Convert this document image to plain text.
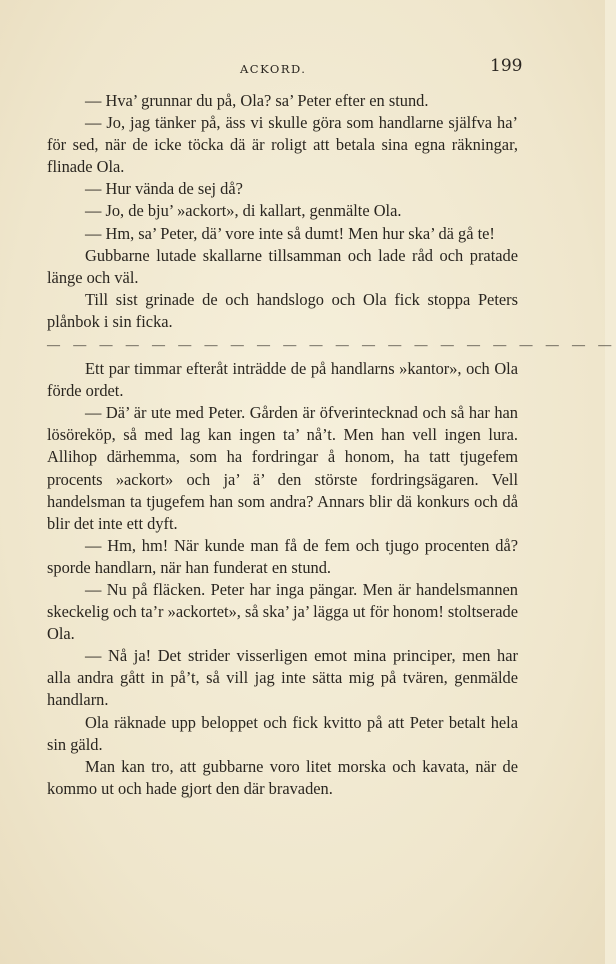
ACKORD.	199

— Hva’ grunnar du på, Ola? sa’ Peter efter en stund.

— Jo, jag tänker på, äss vi skulle göra som handlarne själfva ha’ för sed, när de icke töcka dä är roligt att betala sina egna räkningar, flinade Ola.

— Hur vända de sej då?

— Jo, de bju’ »ackort», di kallart, genmälte Ola.

— Hm, sa’ Peter, dä’ vore inte så dumt! Men hur ska’ dä gå te!

Gubbarne lutade skallarne tillsamman och lade råd och pratade länge och väl.

Till sist grinade de och handslogo och Ola fick stoppa Peters plånbok i sin ficka.

— — — — — — — — — — — — — — — — — — — — — —

Ett par timmar efteråt inträdde de på handlarns »kantor», och Ola förde ordet.

— Dä’ är ute med Peter. Gården är öfverintecknad och så har han lösöreköp, så med lag kan ingen ta’ nå’t. Men han vell ingen lura. Allihop därhemma, som ha fordringar å honom, ha tatt tjugefem procents »ackort» och ja’ ä’ den störste fordringsägaren. Vell handelsman ta tjugefem han som andra? Annars blir dä konkurs och då blir det inte ett dyft.

— Hm, hm! När kunde man få de fem och tjugo procenten då? sporde handlarn, när han funderat en stund.

— Nu på fläcken. Peter har inga pängar. Men är handelsmannen skeckelig och ta’r »ackortet», så ska’ ja’ lägga ut för honom! stoltserade Ola.

— Nå ja! Det strider visserligen emot mina principer, men har alla andra gått in på’t, så vill jag inte sätta mig på tvären, genmälde handlarn.

Ola räknade upp beloppet och fick kvitto på att Peter betalt hela sin gäld.

Man kan tro, att gubbarne voro litet morska och kavata, när de kommo ut och hade gjort den där bravaden.
